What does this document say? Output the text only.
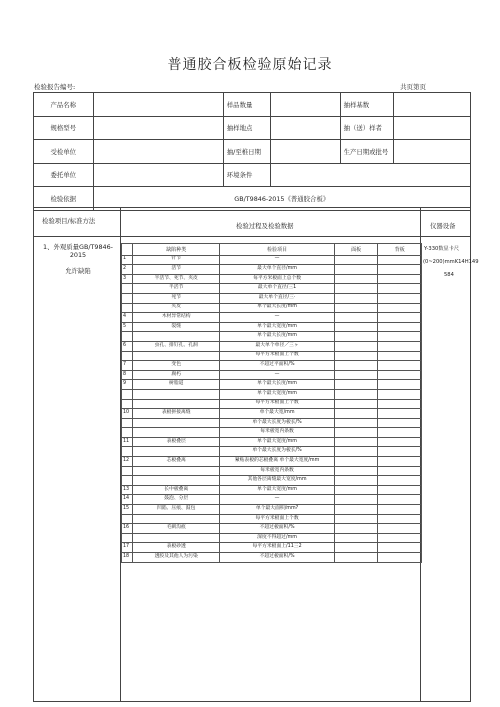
普通胶合板检验原始记录
检验报告编号:	共页第页
产品名称		样品数量		抽样基数	
规格型号		抽样地点		抽（送）样者	
受检单位		抽/至椎日期		生产日期或批号	
委托单位		环境条件			
检验依据	GB/T9846-2015《普通胶合板》				
检验项目/标准方法
检验过程及检验数据	仪器设备
1、外观质量GB/T9846-2015
允许缺陷
Y-330数显卡尺
(0~200)mmK14H149
584
	缺陷种类	检验项目	面板	背板
1	针节	—		
2	活节	最大单个直径/mm		
3	半活节、死节、夹皮	每平方米板面上总个数		
	半活节	最大单个直径/三1		
	死节	最大单个直径/三·		
	夹皮	单个最大长度/mm		
4	木材异常结构	—		
5	裂缝	单个最大宽度/mm		
		单个最大长度/mm		
6	虫孔、排钉孔、孔洞	最大单个单径／三ヶ		
		每平方米板面上个数		
7	变色	不超过平面积/%		
8	腐朽	—		
9	树脂道	单个最大长度/mm		
		单个最大宽度/mm		
		每平方米板面上个数		
10	表板拼接离缝	单个最大宽/mm		
		单个最大长度为板长/%		
		每米板宽内条数		
11	表板叠层	单个最大宽度/mm		
		单个最大长度为板长/%		
12	芯板叠离	紧贴表板的芯板叠离 单个最大宽度/mm		
		每米板宽内条数		
		其他各层离缝最大宽度/mm		
13	长中板叠离	单个最大宽度/mm		
14	鼓泡、分层	—		
15	凹陷、压痕、鼓包	单个最大面积/mm?		
		每平方米板面上个数		
16	毛刺沟痕	不超过板面积/%		
		深度不得超过/mm		
17	表板砂透	每平方米板面上/11三2		
18	透胶及其他人为污染	不超过板面积/%		
